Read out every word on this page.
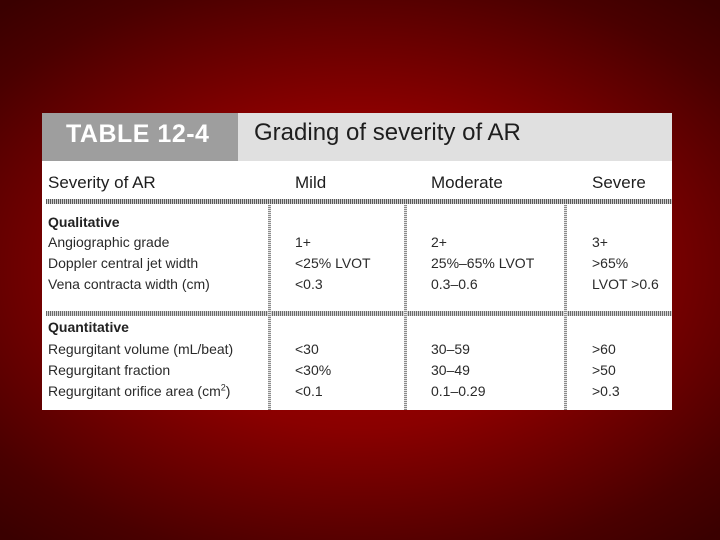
TABLE 12-4	Grading of severity of AR
Severity of AR	Mild	Moderate	Severe
Qualitative
Angiographic grade	1+	2+	3+
Doppler central jet width	<25% LVOT	25%–65% LVOT	>65%
Vena contracta width (cm)	<0.3	0.3–0.6	LVOT >0.6
Quantitative
Regurgitant volume (mL/beat)	<30	30–59	>60
Regurgitant fraction	<30%	30–49	>50
Regurgitant orifice area $(cm^2)$	<0.1	0.1–0.29	>0.3
